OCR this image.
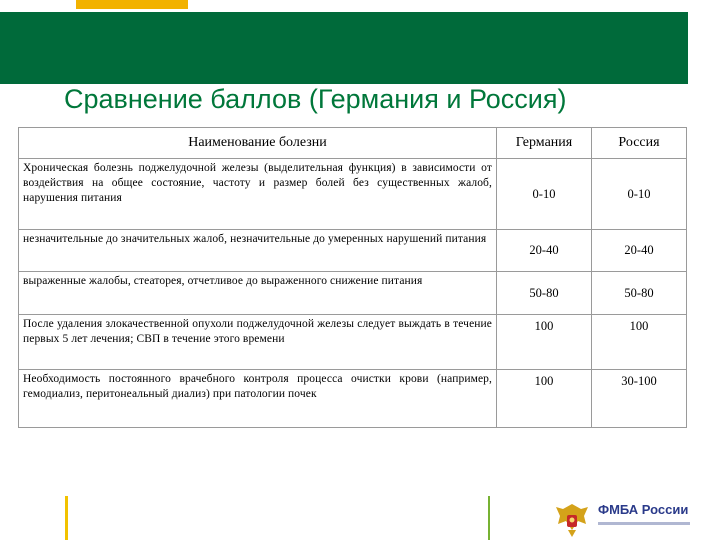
Сравнение баллов (Германия и Россия)
Наименование болезни	Германия	Россия
Хроническая болезнь поджелудочной железы (выделительная функция) в зависимости от воздействия на общее состояние, частоту и размер болей без существенных жалоб, нарушения питания	0-10	0-10
незначительные до значительных жалоб, незначительные до умеренных нарушений питания	20-40	20-40
выраженные жалобы, стеаторея, отчетливое до выраженного снижение питания	50-80	50-80
После удаления злокачественной опухоли поджелудочной железы следует выждать в течение первых 5 лет лечения; СВП в течение этого времени	100	100
Необходимость постоянного врачебного контроля процесса очистки крови (например, гемодиализ, перитонеальный диализ) при патологии почек	100	30-100
ФМБА России
